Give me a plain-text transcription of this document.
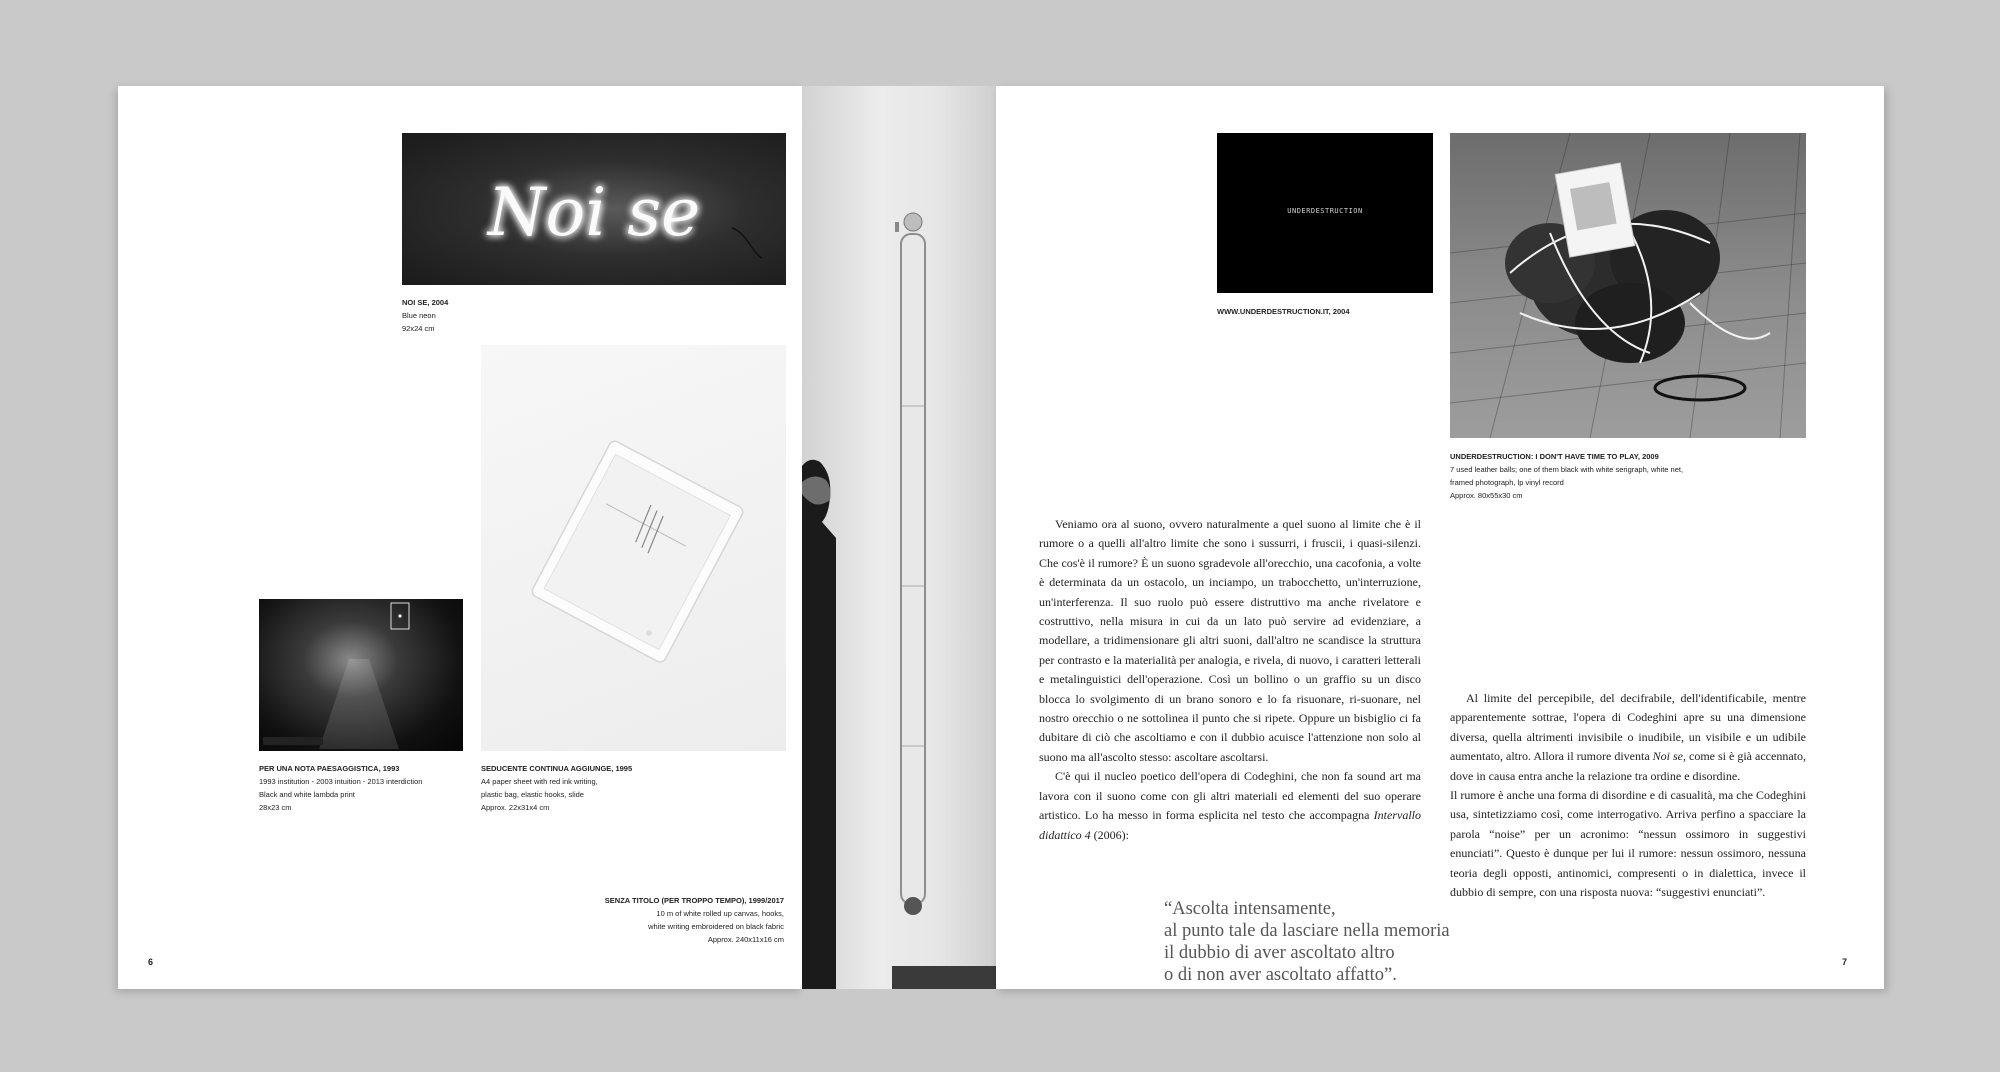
Noi se
NOI SE, 2004
Blue neon
92x24 cm
SEDUCENTE CONTINUA AGGIUNGE, 1995
A4 paper sheet with red ink writing,
plastic bag, elastic hooks, slide
Approx. 22x31x4 cm
PER UNA NOTA PAESAGGISTICA, 1993
1993 institution - 2003 intuition - 2013 interdiction
Black and white lambda print
28x23 cm
SENZA TITOLO (PER TROPPO TEMPO), 1999/2017
10 m of white rolled up canvas, hooks,
white writing embroidered on black fabric
Approx. 240x11x16 cm
6
UNDERDESTRUCTION
WWW.UNDERDESTRUCTION.IT, 2004
UNDERDESTRUCTION: I DON'T HAVE TIME TO PLAY, 2009
7 used leather balls; one of them black with white serigraph, white net,
framed photograph, lp vinyl record
Approx. 80x55x30 cm

Veniamo ora al suono, ovvero naturalmente a quel suono al limite che è il rumore o a quelli all'altro limite che sono i sussurri, i fruscii, i quasi-silenzi. Che cos'è il rumore? È un suono sgradevole all'orecchio, una cacofonia, a volte è determinata da un ostacolo, un inciampo, un trabocchetto, un'interruzione, un'interferenza. Il suo ruolo può essere distruttivo ma anche rivelatore e costruttivo, nella misura in cui da un lato può servire ad evidenziare, a modellare, a tridimensionare gli altri suoni, dall'altro ne scandisce la struttura per contrasto e la materialità per analogia, e rivela, di nuovo, i caratteri letterali e metalinguistici dell'operazione. Così un bollino o un graffio su un disco blocca lo svolgimento di un brano sonoro e lo fa risuonare, ri-suonare, nel nostro orecchio o ne sottolinea il punto che si ripete. Oppure un bisbiglio ci fa dubitare di ciò che ascoltiamo e con il dubbio acuisce l'attenzione non solo al suono ma all'ascolto stesso: ascoltare ascoltarsi.

C'è qui il nucleo poetico dell'opera di Codeghini, che non fa sound art ma lavora con il suono come con gli altri materiali ed elementi del suo operare artistico. Lo ha messo in forma esplicita nel testo che accompagna Intervallo didattico 4 (2006):

“Ascolta intensamente,
al punto tale da lasciare nella memoria
il dubbio di aver ascoltato altro
o di non aver ascoltato affatto”.

Al limite del percepibile, del decifrabile, dell'identificabile, mentre apparentemente sottrae, l'opera di Codeghini apre su una dimensione diversa, quella altrimenti invisibile o inudibile, un visibile e un udibile aumentato, altro. Allora il rumore diventa Noi se, come si è già accennato, dove in causa entra anche la relazione tra ordine e disordine.

Il rumore è anche una forma di disordine e di casualità, ma che Codeghini usa, sintetizziamo così, come interrogativo. Arriva perfino a spacciare la parola “noise” per un acronimo: “nessun ossimoro in suggestivi enunciati”. Questo è dunque per lui il rumore: nessun ossimoro, nessuna teoria degli opposti, antinomici, compresenti o in dialettica, invece il dubbio di sempre, con una risposta nuova: “suggestivi enunciati”.

7
